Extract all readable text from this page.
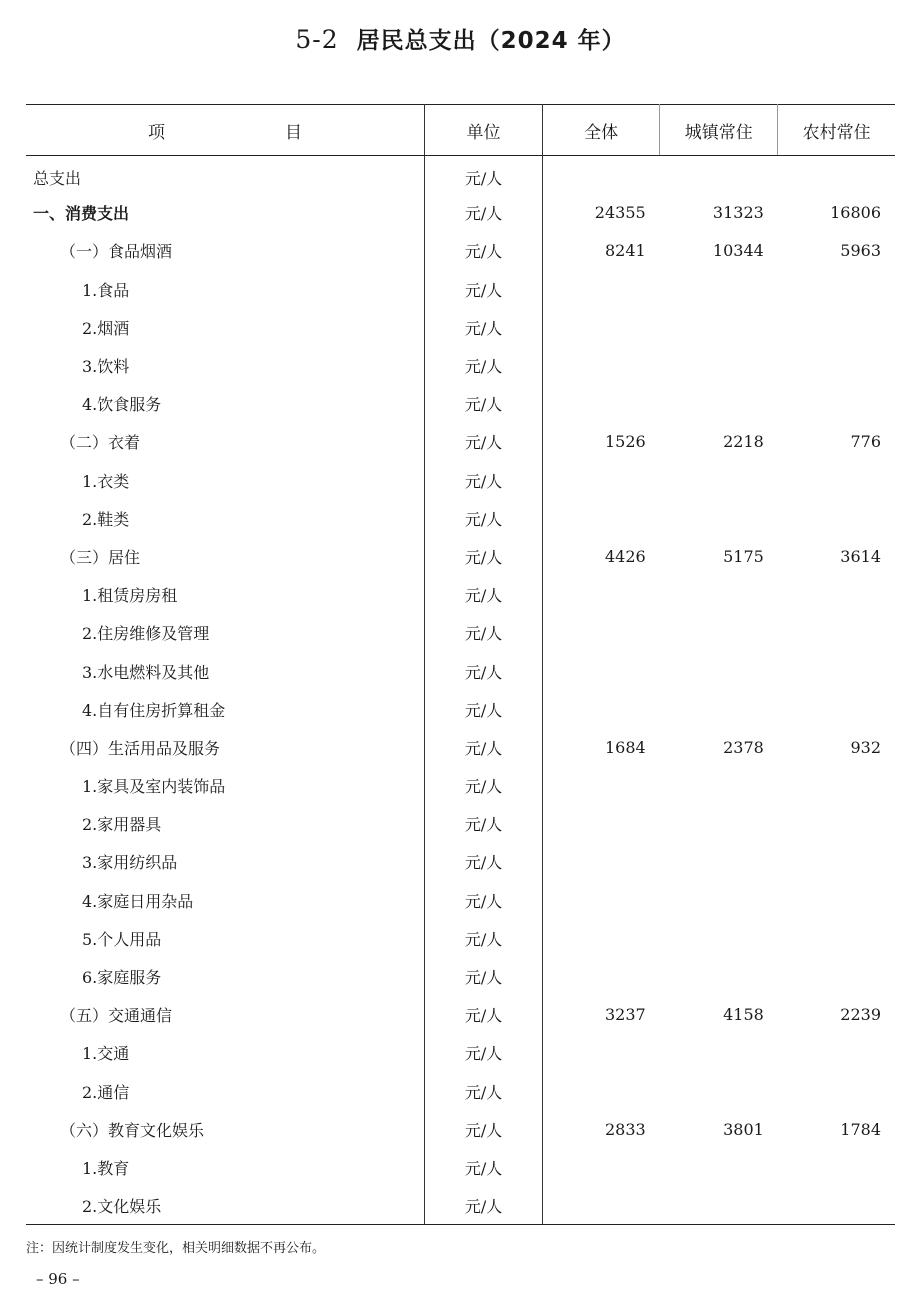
5-2 居民总支出（2024 年）
项 目	单位	全体	城镇常住	农村常住
总支出	元/人			
一、消费支出	元/人	24355	31323	16806
（一）食品烟酒	元/人	8241	10344	5963
1.食品	元/人			
2.烟酒	元/人			
3.饮料	元/人			
4.饮食服务	元/人			
（二）衣着	元/人	1526	2218	776
1.衣类	元/人			
2.鞋类	元/人			
（三）居住	元/人	4426	5175	3614
1.租赁房房租	元/人			
2.住房维修及管理	元/人			
3.水电燃料及其他	元/人			
4.自有住房折算租金	元/人			
（四）生活用品及服务	元/人	1684	2378	932
1.家具及室内装饰品	元/人			
2.家用器具	元/人			
3.家用纺织品	元/人			
4.家庭日用杂品	元/人			
5.个人用品	元/人			
6.家庭服务	元/人			
（五）交通通信	元/人	3237	4158	2239
1.交通	元/人			
2.通信	元/人			
（六）教育文化娱乐	元/人	2833	3801	1784
1.教育	元/人			
2.文化娱乐	元/人			
注：因统计制度发生变化，相关明细数据不再公布。
– 96 –
